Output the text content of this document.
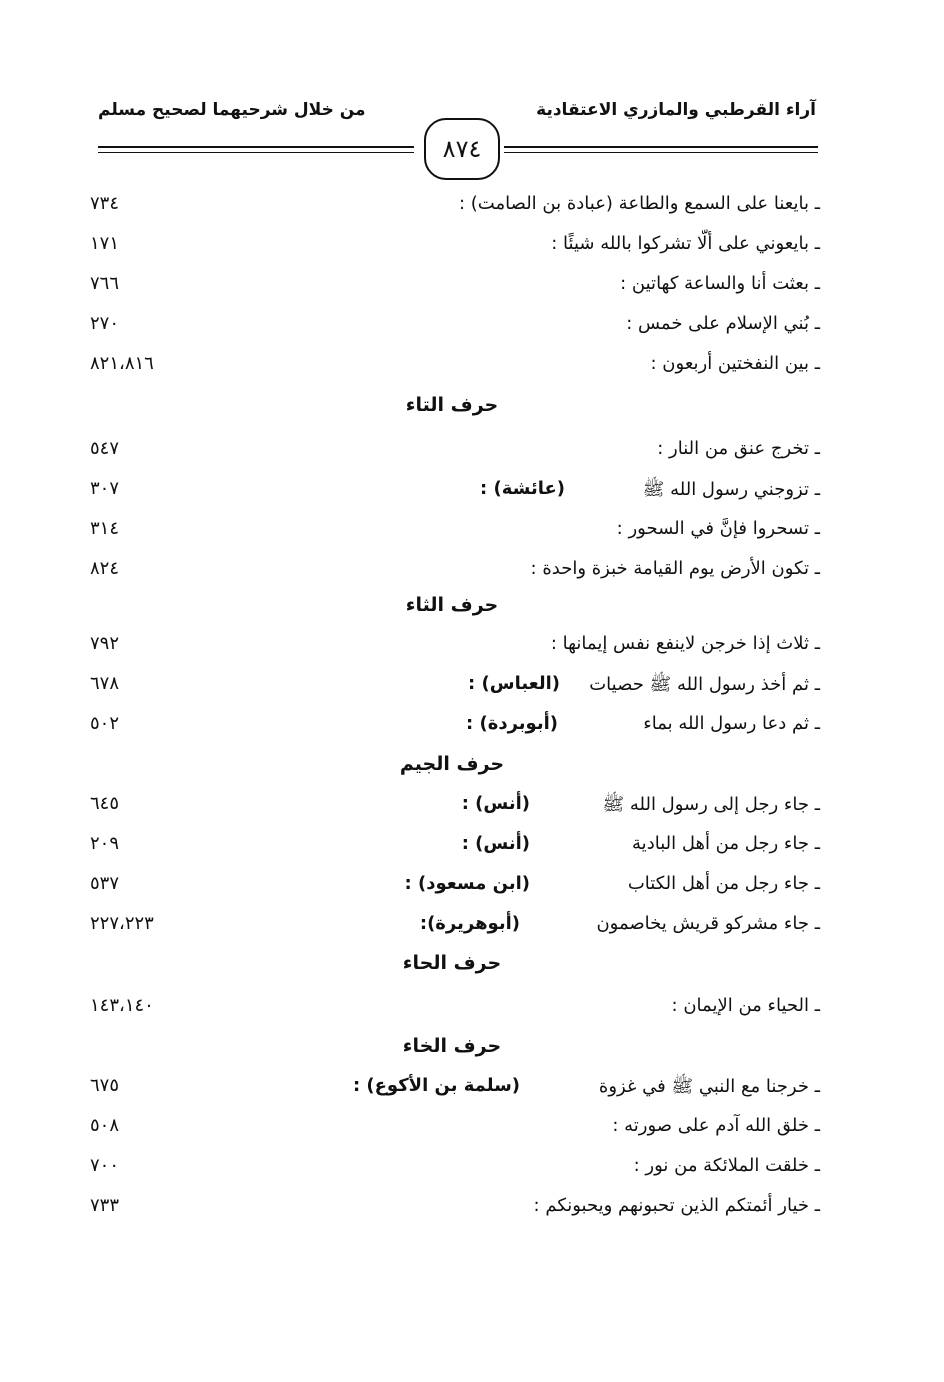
آراء القرطبي والمازري الاعتقادية
من خلال شرحيهما لصحيح مسلم
٨٧٤
ـ بايعنا على السمع والطاعة (عبادة بن الصامت) :
٧٣٤
ـ بايعوني على ألّا تشركوا بالله شيئًا :
١٧١
ـ بعثت أنا والساعة كهاتين :
٧٦٦
ـ بُني الإسلام على خمس :
٢٧٠
ـ بين النفختين أربعون :
٨٢١،٨١٦
حرف التاء
ـ تخرج عنق من النار :
٥٤٧
ـ تزوجني رسول الله ﷺ
(عائشة) :
٣٠٧
ـ تسحروا فإنَّ في السحور :
٣١٤
ـ تكون الأرض يوم القيامة خبزة واحدة :
٨٢٤
حرف الثاء
ـ ثلاث إذا خرجن لاينفع نفس إيمانها :
٧٩٢
ـ ثم أخذ رسول الله ﷺ حصيات
(العباس) :
٦٧٨
ـ ثم دعا رسول الله بماء
(أبوبردة) :
٥٠٢
حرف الجيم
ـ جاء رجل إلى رسول الله ﷺ
(أنس) :
٦٤٥
ـ جاء رجل من أهل البادية
(أنس) :
٢٠٩
ـ جاء رجل من أهل الكتاب
(ابن مسعود) :
٥٣٧
ـ جاء مشركو قريش يخاصمون
(أبوهريرة):
٢٢٧،٢٢٣
حرف الحاء
ـ الحياء من الإيمان :
١٤٣،١٤٠
حرف الخاء
ـ خرجنا مع النبي ﷺ في غزوة
(سلمة بن الأكوع) :
٦٧٥
ـ خلق الله آدم على صورته :
٥٠٨
ـ خلقت الملائكة من نور :
٧٠٠
ـ خيار أئمتكم الذين تحبونهم ويحبونكم :
٧٣٣
